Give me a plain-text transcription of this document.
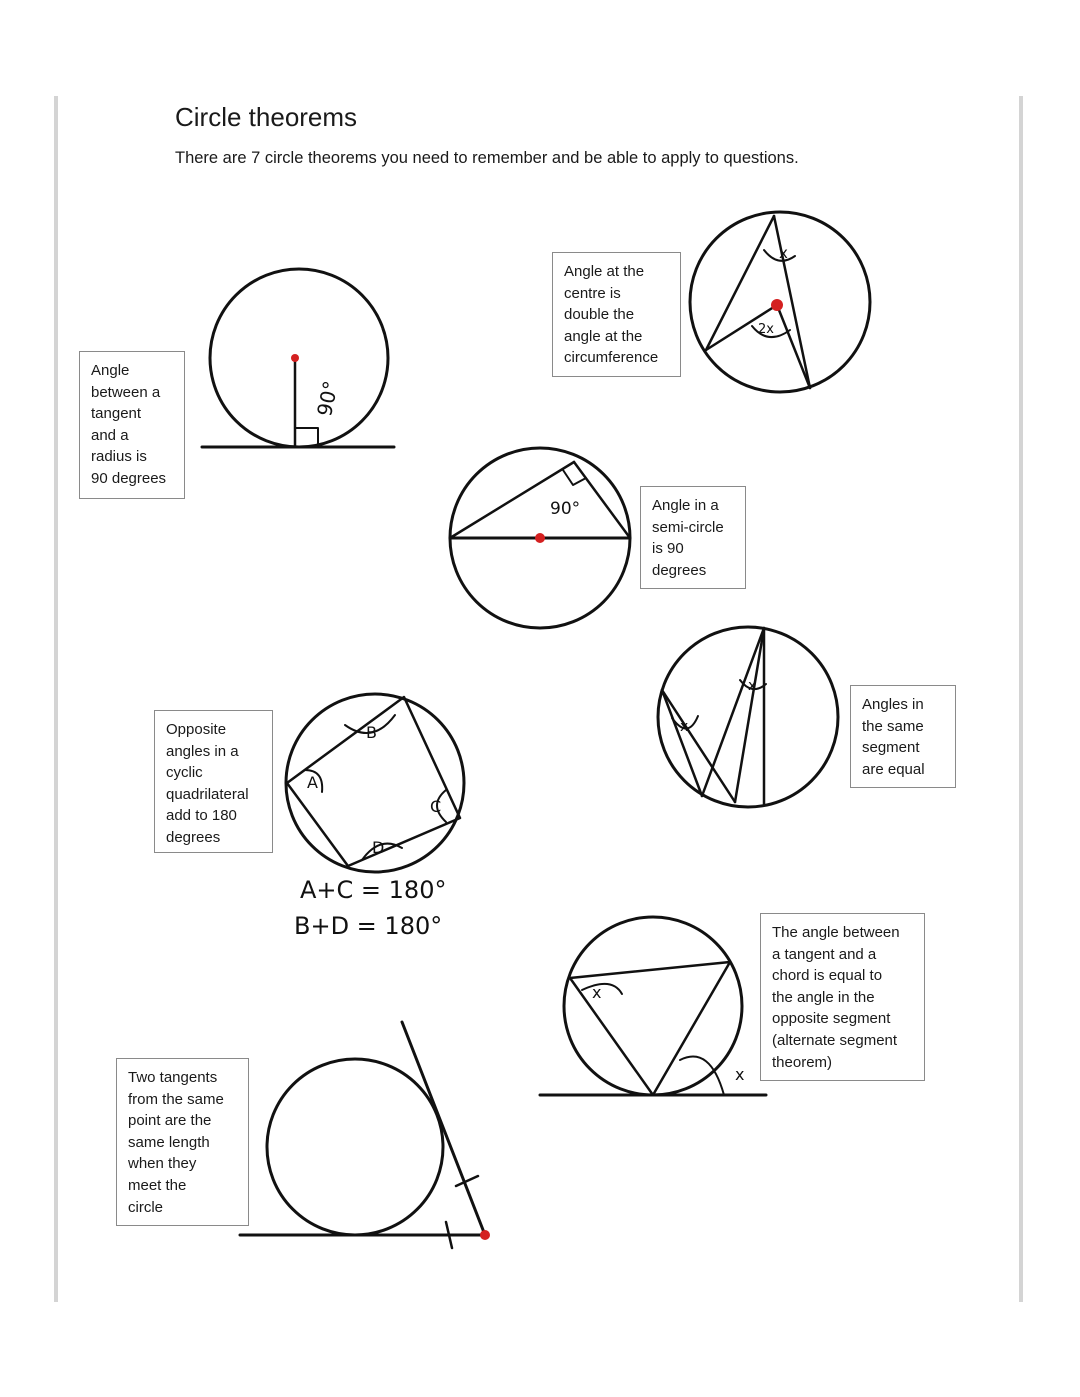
Circle theorems

There are 7 circle theorems you need to remember and be able to apply to questions.

Angle
between a
tangent
and a
radius is
90 degrees
Angle at the
centre is
double the
angle at the
circumference
Angle in a
semi-circle
is 90
degrees
Angles in
the same
segment
are equal
Opposite
angles in a
cyclic
quadrilateral
add to 180
degrees
The angle between
a tangent and a
chord is equal to
the angle in the
opposite segment
(alternate segment
theorem)
Two tangents
from the same
point are the
same length
when they
meet the
circle
90°
x
2x
90°
x
x
A
B
C
D
A+C = 180°
B+D = 180°
x
x
